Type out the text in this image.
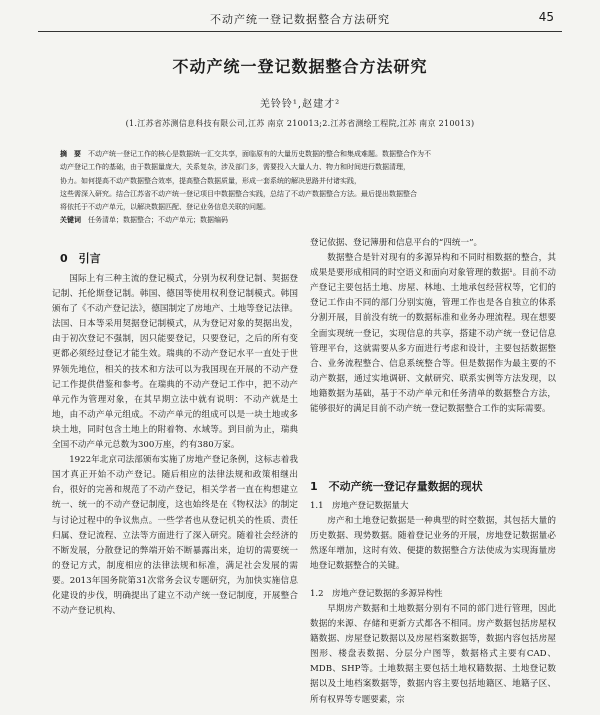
不动产统一登记数据整合方法研究	45
不动产统一登记数据整合方法研究
羌铃铃¹,赵建才²
(1.江苏省苏测信息科技有限公司,江苏 南京 210013;2.江苏省测绘工程院,江苏 南京 210013)
摘　要　 不动产统一登记工作的核心是数据统一汇交共享，面临原有的大量历史数据的整合和集成难题。数据整合作为不
动产登记工作的基础，由于数据量庞大，关系复杂，涉及部门多，需要投入大量人力、物力和时间进行数据清理，
协力。如何提高不动产数据整合效率，提高整合数据质量，形成一套系统的解决思路并付诸实践，
这些需深入研究。结合江苏省不动产统一登记项目中数据整合实践，总结了不动产数据整合方法。最后提出数据整合
将依托于不动产单元，以解决数据匹配、登记业务信息关联的问题。
关键词　 任务清单；数据整合；不动产单元；数据编码
0　引言

国际上有三种主流的登记模式，分别为权利登记制、契据登记制、托伦斯登记制。韩国、德国等使用权利登记制模式。韩国颁布了《不动产登记法》，德国制定了房地产、土地等登记法律。法国、日本等采用契据登记制模式，从为登记对象的契据出发，由于初次登记不强制，因只能要登记，只要登记，之后的所有变更都必须经过登记才能生效。瑞典的不动产登记水平一直处于世界领先地位，相关的技术和方法可以为我国现在开展的不动产登记工作提供借鉴和参考。在瑞典的不动产登记工作中，把不动产单元作为管理对象，在其早期立法中就有说明：不动产就是土地，由不动产单元组成。不动产单元的组成可以是一块土地或多块土地，同时包含土地上的附着物、水域等。到目前为止，瑞典全国不动产单元总数为300万座，约有380万家。

1922年北京司法部颁布实施了房地产登记条例，这标志着我国才真正开始不动产登记。随后相应的法律法规和政策相继出台，很好的完善和规范了不动产登记，相关学者一直在构想建立统一、统一的不动产登记制度，这也始终是在《物权法》的制定与讨论过程中的争议焦点。一些学者也从登记机关的性质、责任归属、登记流程、立法等方面进行了深入研究。随着社会经济的不断发展，分散登记的弊端开始不断暴露出来，迫切的需要统一的登记方式，制度相应的法律法规和标准，满足社会发展的需要。2013年国务院第31次常务会议专题研究，为加快实施信息化建设的步伐，明确提出了建立不动产统一登记制度，开展整合不动产登记机构、

登记依据、登记簿册和信息平台的“四统一”。

数据整合是针对现有的多源异构和不同时相数据的整合，其成果是要形成相同的时空语义和面向对象管理的数据¹。目前不动产登记主要包括土地、房屋、林地、土地承包经营权等，它们的登记工作由不同的部门分别实施，管理工作也是各自独立的体系分割开展，目前没有统一的数据标准和业务办理流程。现在想要全面实现统一登记，实现信息的共享，搭建不动产统一登记信息管理平台，这就需要从多方面进行考虑和设计，主要包括数据整合、业务流程整合、信息系统整合等。但是数据作为最主要的不动产数据，通过实地调研、文献研究、联系实例等方法发现，以地籍数据为基础，基于不动产单元和任务清单的数据整合方法，能够很好的满足目前不动产统一登记数据整合工作的实际需要。

1　不动产统一登记存量数据的现状
1.1　房地产登记数据量大

房产和土地登记数据是一种典型的时空数据，其包括大量的历史数据、现势数据。随着登记业务的开展，房地登记数据量必然逐年增加，这时有效、便捷的数据整合方法使成为实现海量房地登记数据整合的关键。

1.2　房地产登记数据的多源异构性

早期房产数据和土地数据分别有不同的部门进行管理，因此数据的来源、存储和更新方式都各不相同。房产数据包括房屋权籍数据、房屋登记数据以及房屋档案数据等，数据内容包括房屋图形、楼盘表数据、分层分户图等，数据格式主要有CAD、MDB、SHP等。土地数据主要包括土地权籍数据、土地登记数据以及土地档案数据等，数据内容主要包括地籍区、地籍子区、所有权界等专题要素，宗
